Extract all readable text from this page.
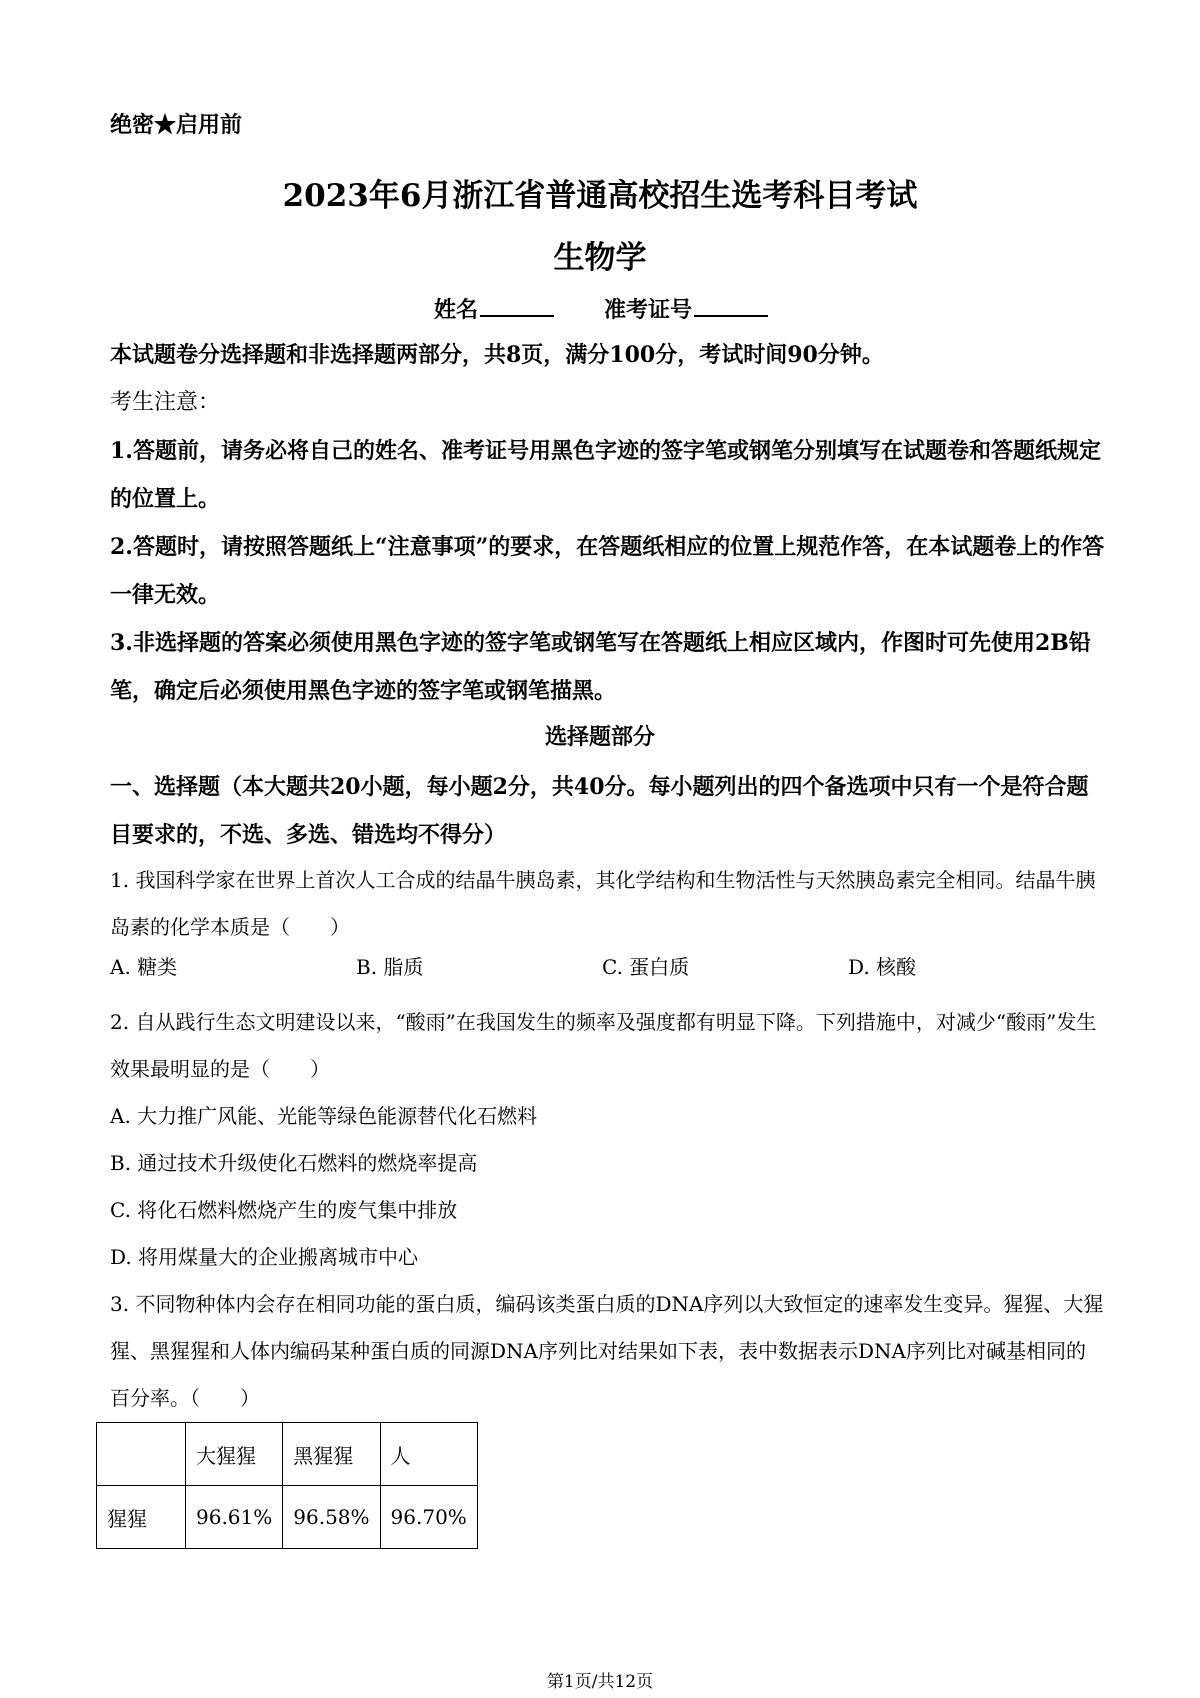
绝密★启用前
2023年6月浙江省普通高校招生选考科目考试
生物学
姓名	准考证号
本试题卷分选择题和非选择题两部分，共8页，满分100分，考试时间90分钟。
考生注意：
1.答题前，请务必将自己的姓名、准考证号用黑色字迹的签字笔或钢笔分别填写在试题卷和答题纸规定的位置上。
2.答题时，请按照答题纸上“注意事项”的要求，在答题纸相应的位置上规范作答，在本试题卷上的作答一律无效。
3.非选择题的答案必须使用黑色字迹的签字笔或钢笔写在答题纸上相应区域内，作图时可先使用2B铅笔，确定后必须使用黑色字迹的签字笔或钢笔描黑。
选择题部分
一、选择题（本大题共20小题，每小题2分，共40分。每小题列出的四个备选项中只有一个是符合题目要求的，不选、多选、错选均不得分）
1. 我国科学家在世界上首次人工合成的结晶牛胰岛素，其化学结构和生物活性与天然胰岛素完全相同。结晶牛胰岛素的化学本质是（　　）
A. 糖类	B. 脂质	C. 蛋白质	D. 核酸
2. 自从践行生态文明建设以来，“酸雨”在我国发生的频率及强度都有明显下降。下列措施中，对减少“酸雨”发生效果最明显的是（　　）
A. 大力推广风能、光能等绿色能源替代化石燃料
B. 通过技术升级使化石燃料的燃烧率提高
C. 将化石燃料燃烧产生的废气集中排放
D. 将用煤量大的企业搬离城市中心
3. 不同物种体内会存在相同功能的蛋白质，编码该类蛋白质的DNA序列以大致恒定的速率发生变异。猩猩、大猩猩、黑猩猩和人体内编码某种蛋白质的同源DNA序列比对结果如下表，表中数据表示DNA序列比对碱基相同的百分率。（　　）
	大猩猩	黑猩猩	人
猩猩	96.61%	96.58%	96.70%
第1页/共12页
